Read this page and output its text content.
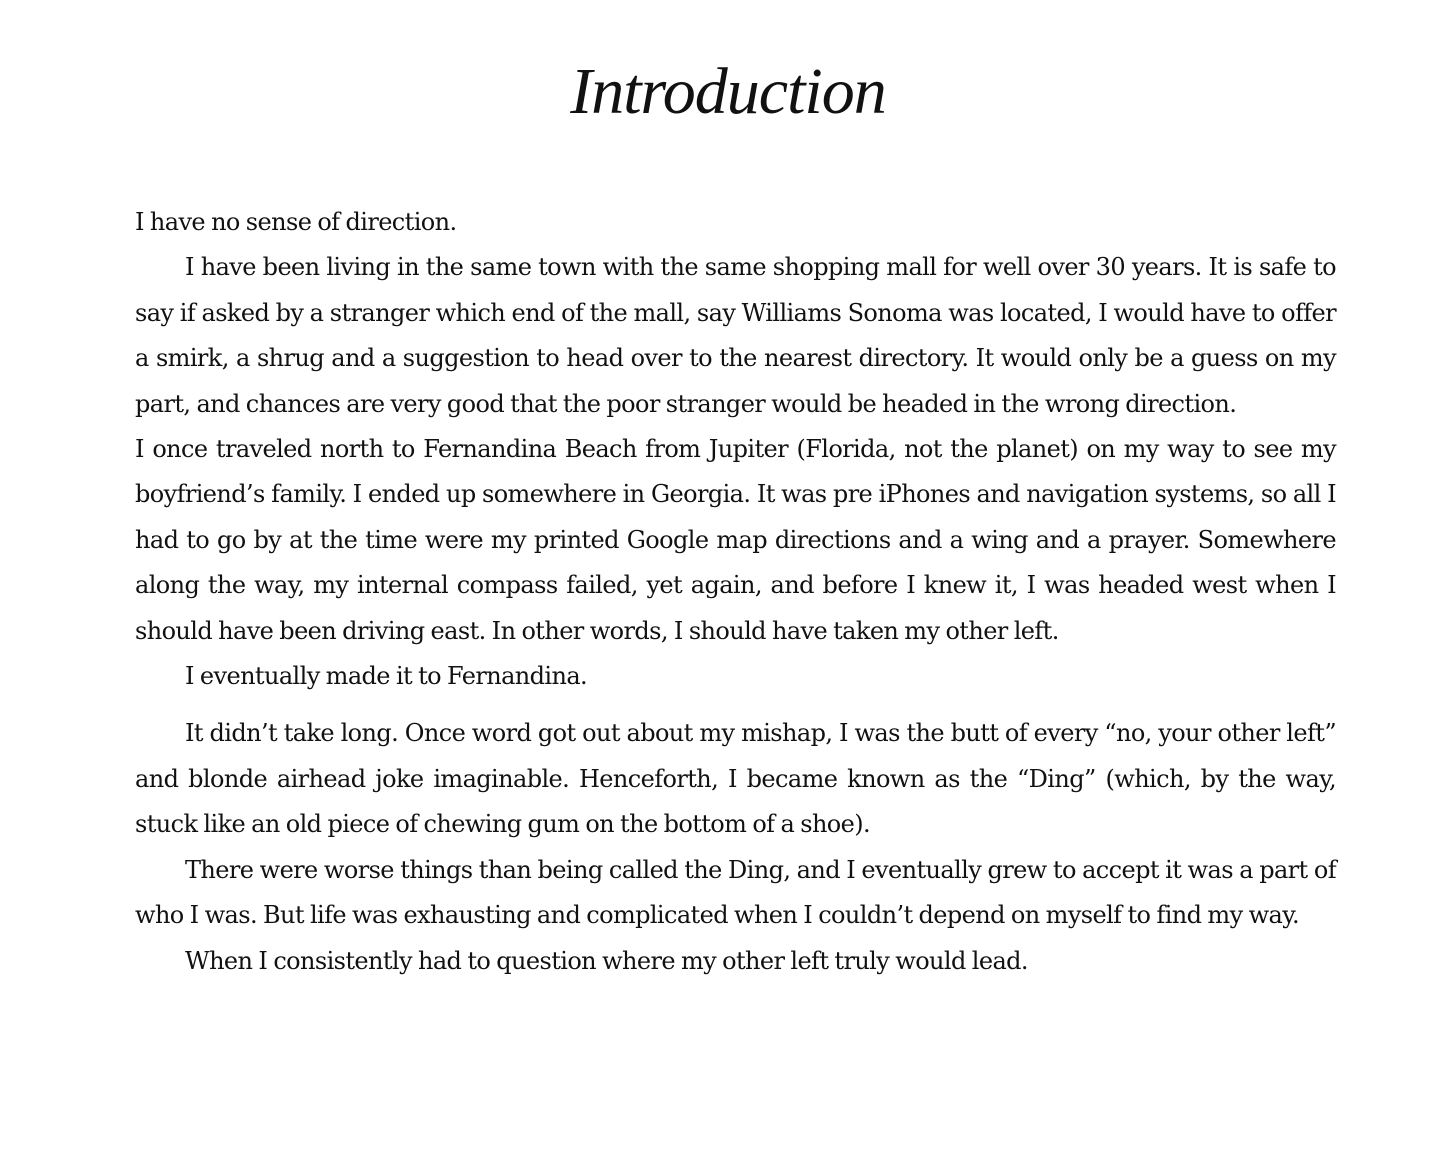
Introduction

I have no sense of direction.

I have been living in the same town with the same shopping mall for well over 30 years. It is safe to say if asked by a stranger which end of the mall, say Williams Sonoma was located, I would have to offer a smirk, a shrug and a suggestion to head over to the nearest directory. It would only be a guess on my part, and chances are very good that the poor stranger would be headed in the wrong direction.

I once traveled north to Fernandina Beach from Jupiter (Florida, not the planet) on my way to see my boyfriend’s family. I ended up somewhere in Georgia. It was pre iPhones and navigation systems, so all I had to go by at the time were my printed Google map directions and a wing and a prayer. Somewhere along the way, my internal compass failed, yet again, and before I knew it, I was headed west when I should have been driving east. In other words, I should have taken my other left.

I eventually made it to Fernandina.

It didn’t take long. Once word got out about my mishap, I was the butt of every “no, your other left” and blonde airhead joke imaginable. Henceforth, I became known as the “Ding” (which, by the way, stuck like an old piece of chewing gum on the bottom of a shoe).

There were worse things than being called the Ding, and I eventually grew to accept it was a part of who I was. But life was exhausting and complicated when I couldn’t depend on myself to find my way.

When I consistently had to question where my other left truly would lead.
